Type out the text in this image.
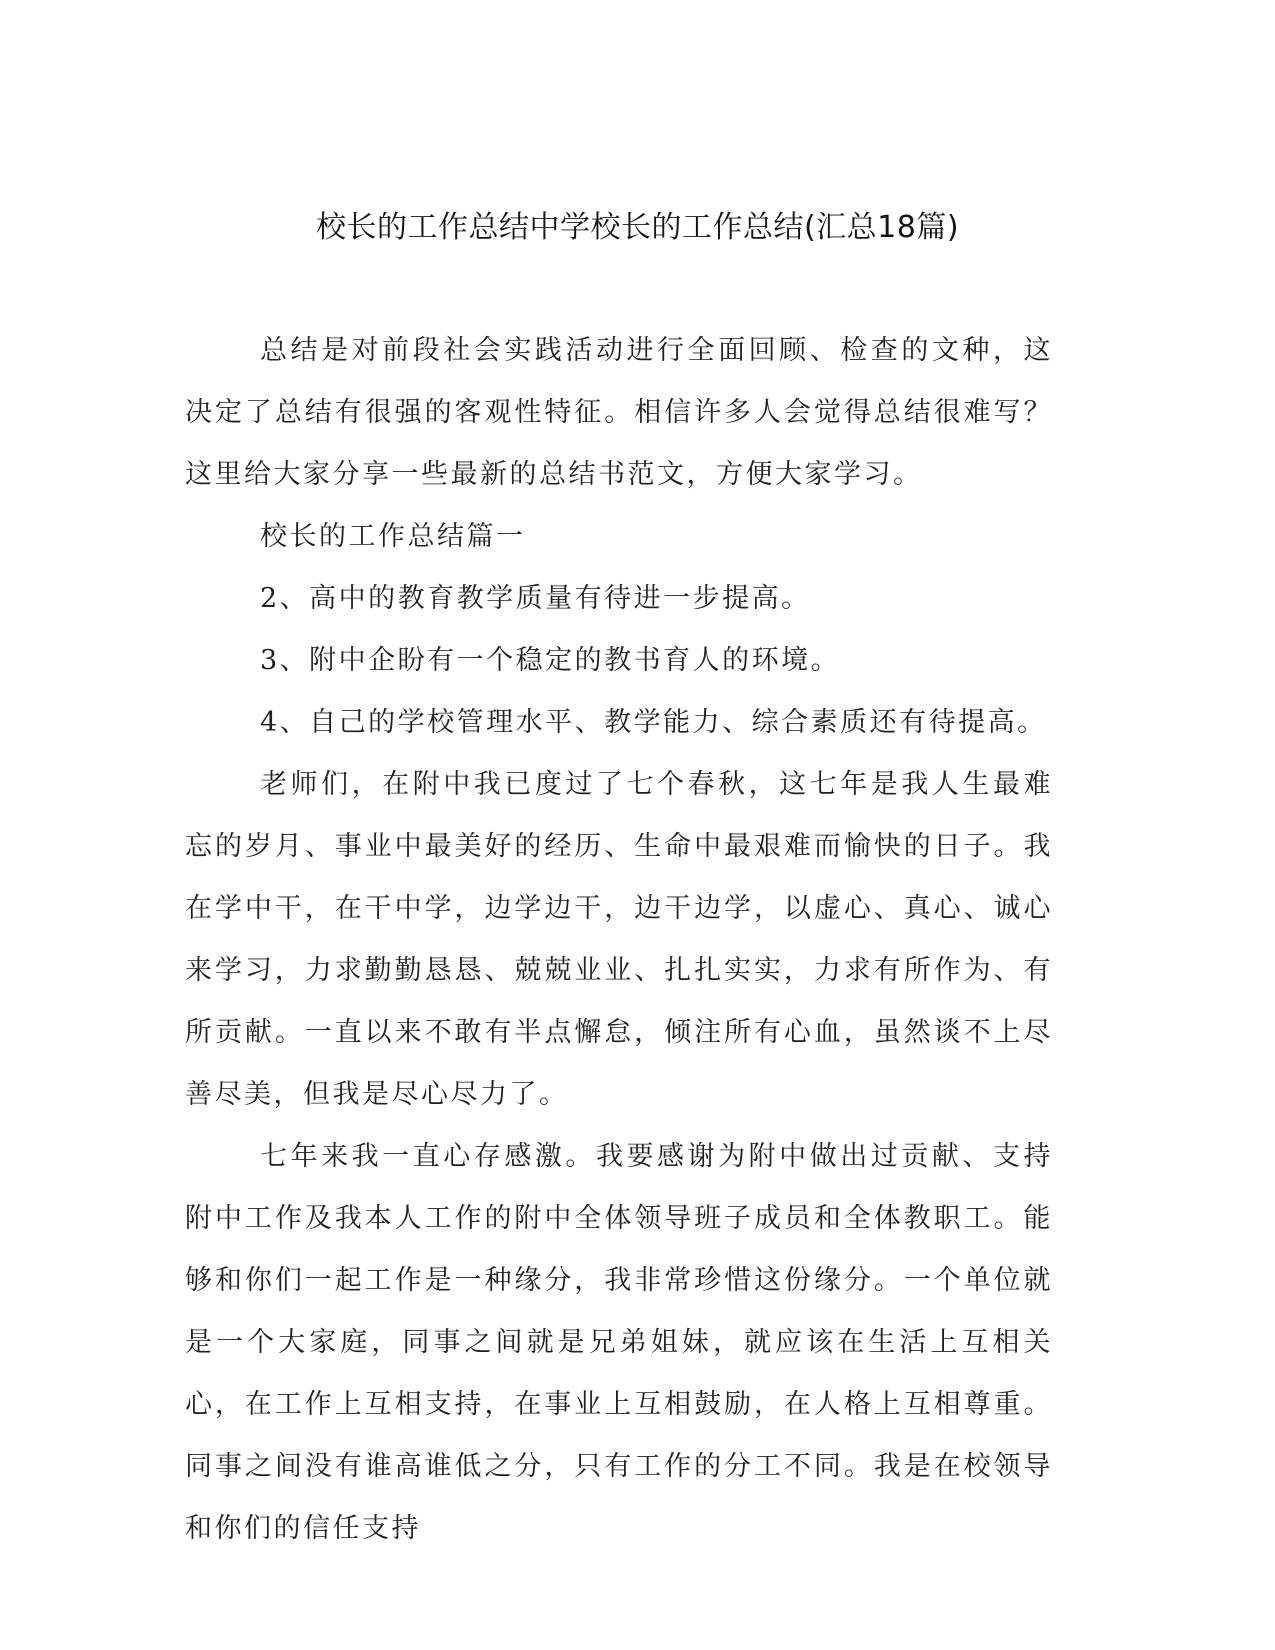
校长的工作总结中学校长的工作总结(汇总18篇)

总结是对前段社会实践活动进行全面回顾、检查的文种，这决定了总结有很强的客观性特征。相信许多人会觉得总结很难写？这里给大家分享一些最新的总结书范文，方便大家学习。

校长的工作总结篇一

2、高中的教育教学质量有待进一步提高。

3、附中企盼有一个稳定的教书育人的环境。

4、自己的学校管理水平、教学能力、综合素质还有待提高。

老师们，在附中我已度过了七个春秋，这七年是我人生最难忘的岁月、事业中最美好的经历、生命中最艰难而愉快的日子。我在学中干，在干中学，边学边干，边干边学，以虚心、真心、诚心来学习，力求勤勤恳恳、兢兢业业、扎扎实实，力求有所作为、有所贡献。一直以来不敢有半点懈怠，倾注所有心血，虽然谈不上尽善尽美，但我是尽心尽力了。

七年来我一直心存感激。我要感谢为附中做出过贡献、支持附中工作及我本人工作的附中全体领导班子成员和全体教职工。能够和你们一起工作是一种缘分，我非常珍惜这份缘分。一个单位就是一个大家庭，同事之间就是兄弟姐妹，就应该在生活上互相关心，在工作上互相支持，在事业上互相鼓励，在人格上互相尊重。同事之间没有谁高谁低之分，只有工作的分工不同。我是在校领导和你们的信任支持
